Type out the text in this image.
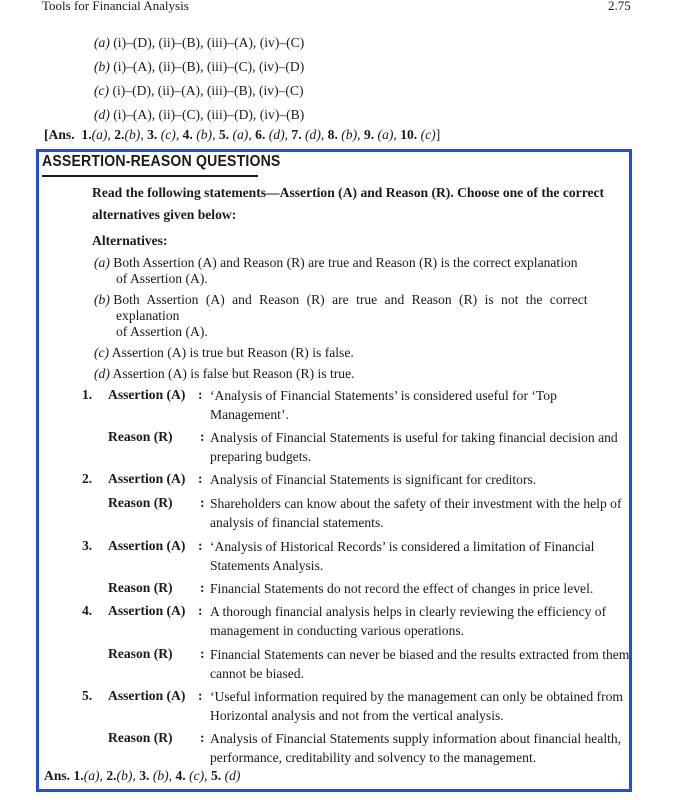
Tools for Financial Analysis	2.75
(a) (i)–(D), (ii)–(B), (iii)–(A), (iv)–(C)
(b) (i)–(A), (ii)–(B), (iii)–(C), (iv)–(D)
(c) (i)–(D), (ii)–(A), (iii)–(B), (iv)–(C)
(d) (i)–(A), (ii)–(C), (iii)–(D), (iv)–(B)
[Ans. 1.(a), 2.(b), 3. (c), 4. (b), 5. (a), 6. (d), 7. (d), 8. (b), 9. (a), 10. (c)]
ASSERTION-REASON QUESTIONS
Read the following statements—Assertion (A) and Reason (R). Choose one of the correct
alternatives given below:
Alternatives:
(a) Both Assertion (A) and Reason (R) are true and Reason (R) is the correct explanation
of Assertion (A).
(b) Both Assertion (A) and Reason (R) are true and Reason (R) is not the correct
explanation
of Assertion (A).
(c) Assertion (A) is true but Reason (R) is false.
(d) Assertion (A) is false but Reason (R) is true.
1. Assertion (A) : ‘Analysis of Financial Statements’ is considered useful for ‘Top Management’.
Reason (R) : Analysis of Financial Statements is useful for taking financial decision and preparing budgets.
2. Assertion (A) : Analysis of Financial Statements is significant for creditors.
Reason (R) : Shareholders can know about the safety of their investment with the help of analysis of financial statements.
3. Assertion (A) : ‘Analysis of Historical Records’ is considered a limitation of Financial Statements Analysis.
Reason (R) : Financial Statements do not record the effect of changes in price level.
4. Assertion (A) : A thorough financial analysis helps in clearly reviewing the efficiency of management in conducting various operations.
Reason (R) : Financial Statements can never be biased and the results extracted from them cannot be biased.
5. Assertion (A) : ‘Useful information required by the management can only be obtained from Horizontal analysis and not from the vertical analysis.
Reason (R) : Analysis of Financial Statements supply information about financial health, performance, creditability and solvency to the management.
Ans. 1.(a), 2.(b), 3. (b), 4. (c), 5. (d)
